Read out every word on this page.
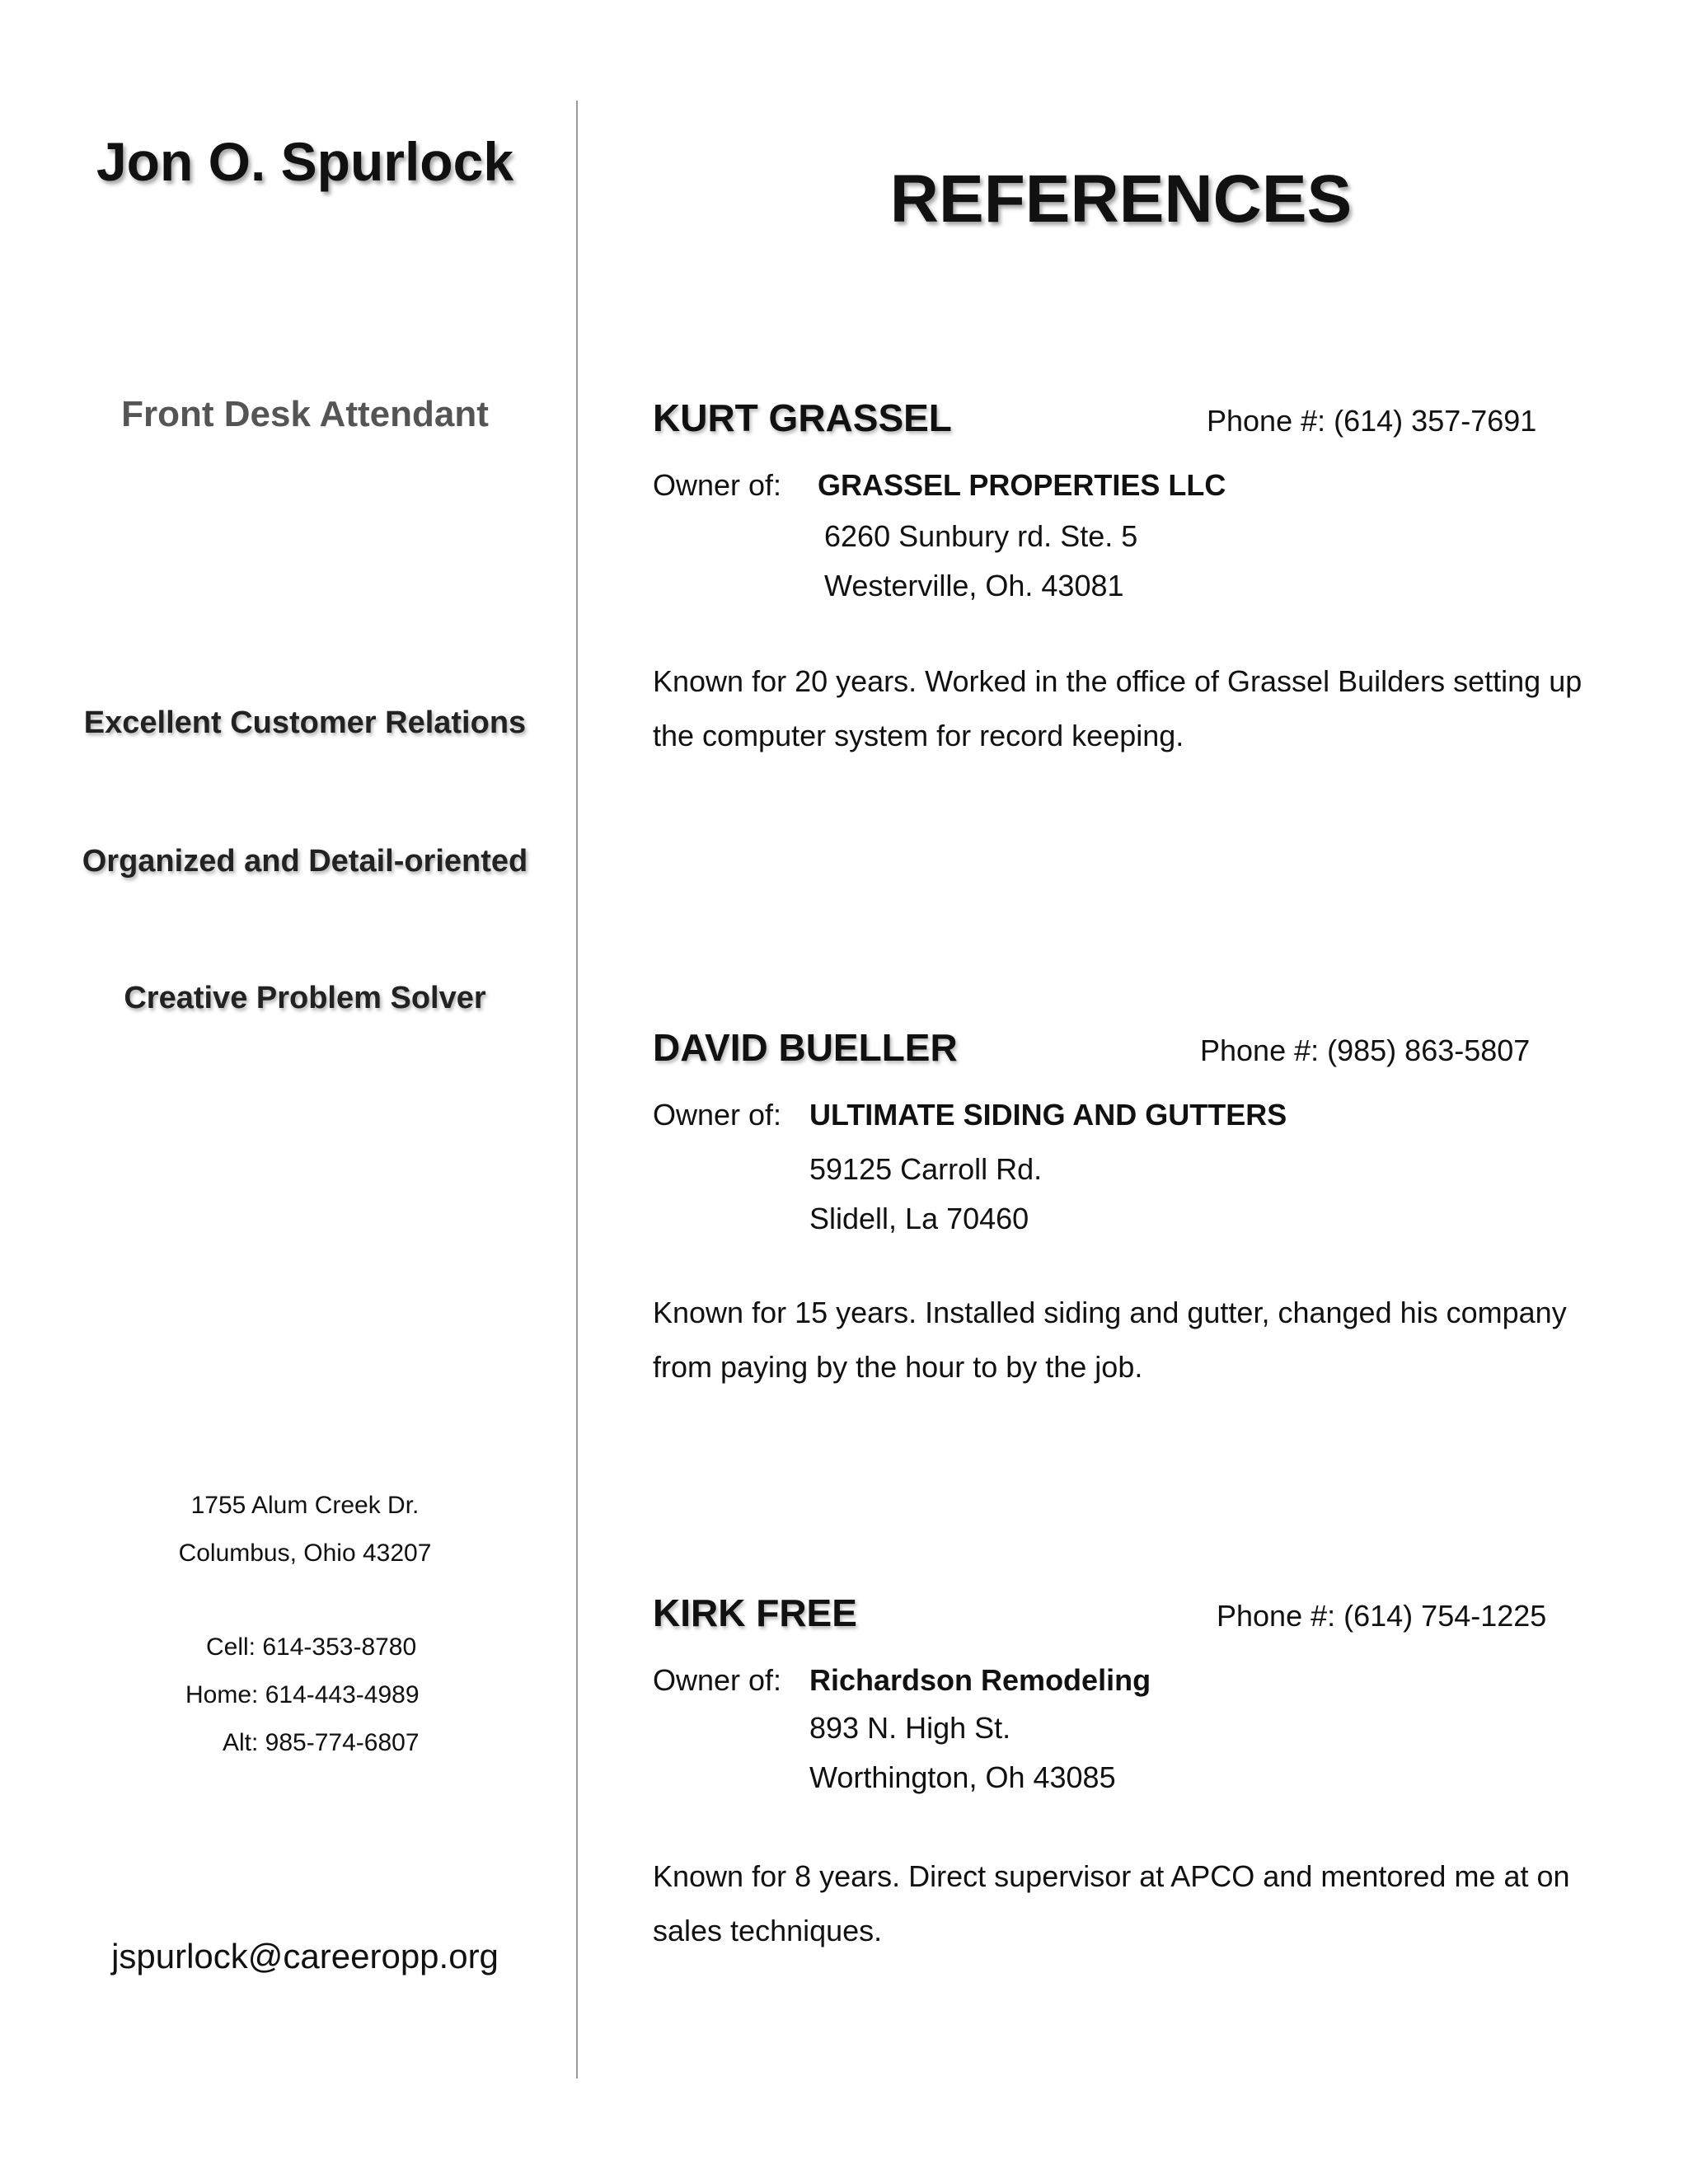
Jon O. Spurlock
Front Desk Attendant
Excellent Customer Relations
Organized and Detail-oriented
Creative Problem Solver
1755 Alum Creek Dr.
Columbus, Ohio 43207
Cell: 614-353-8780
Home: 614-443-4989
Alt: 985-774-6807
jspurlock@careeropp.org
REFERENCES
KURT GRASSEL	Phone #: (614) 357-7691
Owner of: GRASSEL PROPERTIES LLC
6260 Sunbury rd. Ste. 5
Westerville, Oh. 43081
Known for 20 years. Worked in the office of Grassel Builders setting up the computer system for record keeping.
DAVID BUELLER	Phone #: (985) 863-5807
Owner of: ULTIMATE SIDING AND GUTTERS
59125 Carroll Rd.
Slidell, La 70460
Known for 15 years. Installed siding and gutter, changed his company from paying by the hour to by the job.
KIRK FREE	Phone #: (614) 754-1225
Owner of: Richardson Remodeling
893 N. High St.
Worthington, Oh 43085
Known for 8 years. Direct supervisor at APCO and mentored me at on sales techniques.
